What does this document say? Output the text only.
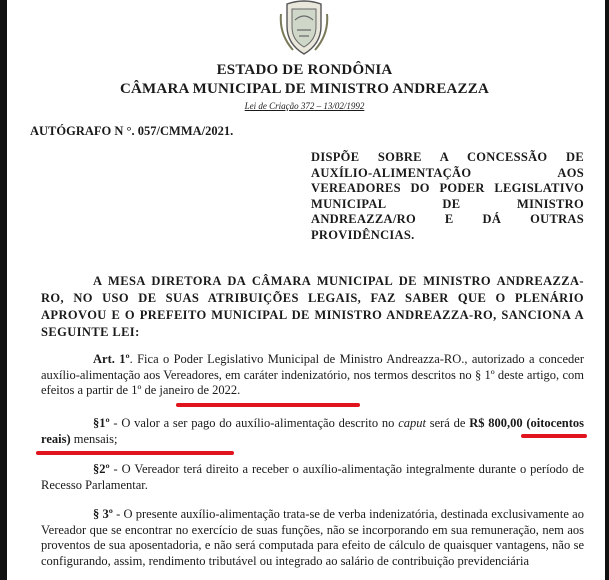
ESTADO DE RONDÔNIA
CÂMARA MUNICIPAL DE MINISTRO ANDREAZZA
Lei de Criação 372 – 13/02/1992
AUTÓGRAFO N °. 057/CMMA/2021.
DISPÕE SOBRE A CONCESSÃO DE AUXÍLIO-ALIMENTAÇÃO AOS VEREADORES DO PODER LEGISLATIVO MUNICIPAL DE MINISTRO ANDREAZZA/RO E DÁ OUTRAS PROVIDÊNCIAS.
A MESA DIRETORA DA CÂMARA MUNICIPAL DE MINISTRO ANDREAZZA-RO, NO USO DE SUAS ATRIBUIÇÕES LEGAIS, FAZ SABER QUE O PLENÁRIO APROVOU E O PREFEITO MUNICIPAL DE MINISTRO ANDREAZZA-RO, SANCIONA A SEGUINTE LEI:
Art. 1º. Fica o Poder Legislativo Municipal de Ministro Andreazza-RO., autorizado a conceder auxílio-alimentação aos Vereadores, em caráter indenizatório, nos termos descritos no § 1º deste artigo, com efeitos a partir de 1º de janeiro de 2022.
§1º - O valor a ser pago do auxílio-alimentação descrito no caput será de R$ 800,00 (oitocentos reais) mensais;
§2º - O Vereador terá direito a receber o auxílio-alimentação integralmente durante o período de Recesso Parlamentar.
§ 3º - O presente auxílio-alimentação trata-se de verba indenizatória, destinada exclusivamente ao Vereador que se encontrar no exercício de suas funções, não se incorporando em sua remuneração, nem aos proventos de sua aposentadoria, e não será computada para efeito de cálculo de quaisquer vantagens, não se configurando, assim, rendimento tributável ou integrado ao salário de contribuição previdenciária
